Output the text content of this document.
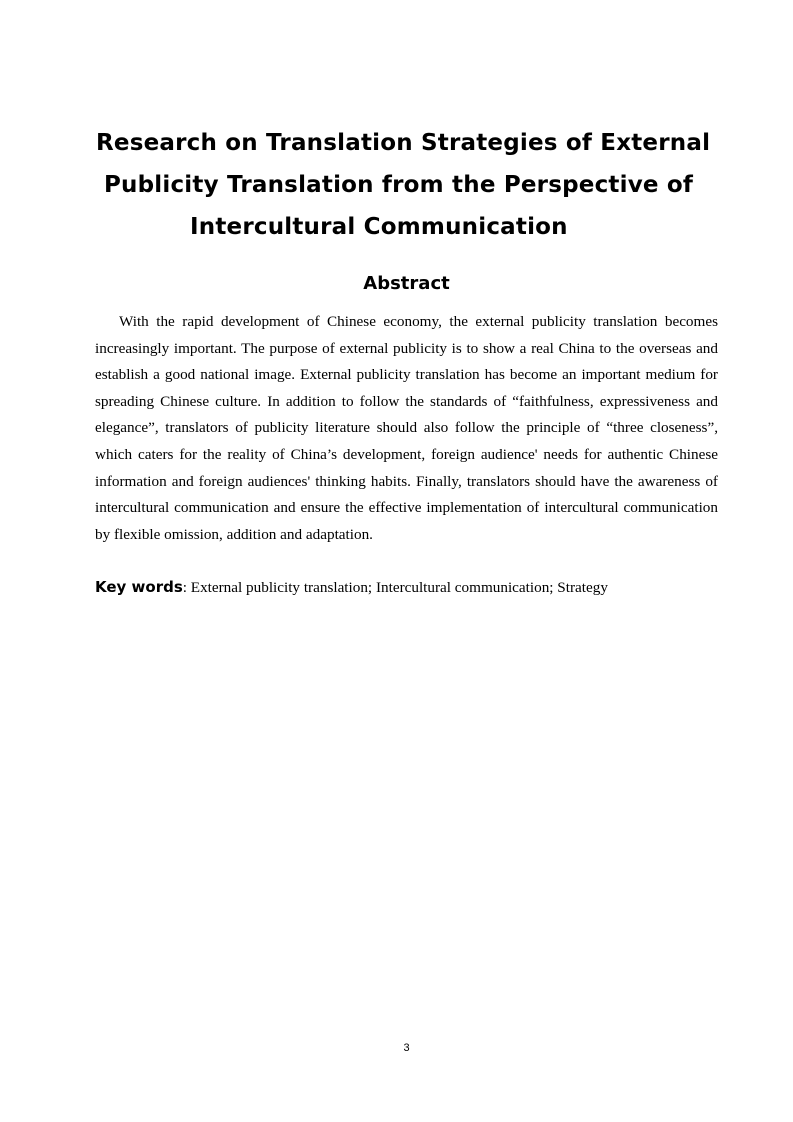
Research on Translation Strategies of External
Publicity Translation from the Perspective of
Intercultural Communication
Abstract

With the rapid development of Chinese economy, the external publicity translation becomes increasingly important. The purpose of external publicity is to show a real China to the overseas and establish a good national image. External publicity translation has become an important medium for spreading Chinese culture. In addition to follow the standards of “faithfulness, expressiveness and elegance”, translators of publicity literature should also follow the principle of “three closeness”, which caters for the reality of China’s development, foreign audience' needs for authentic Chinese information and foreign audiences' thinking habits. Finally, translators should have the awareness of intercultural communication and ensure the effective implementation of intercultural communication by flexible omission, addition and adaptation.

Key words: External publicity translation; Intercultural communication; Strategy

3
